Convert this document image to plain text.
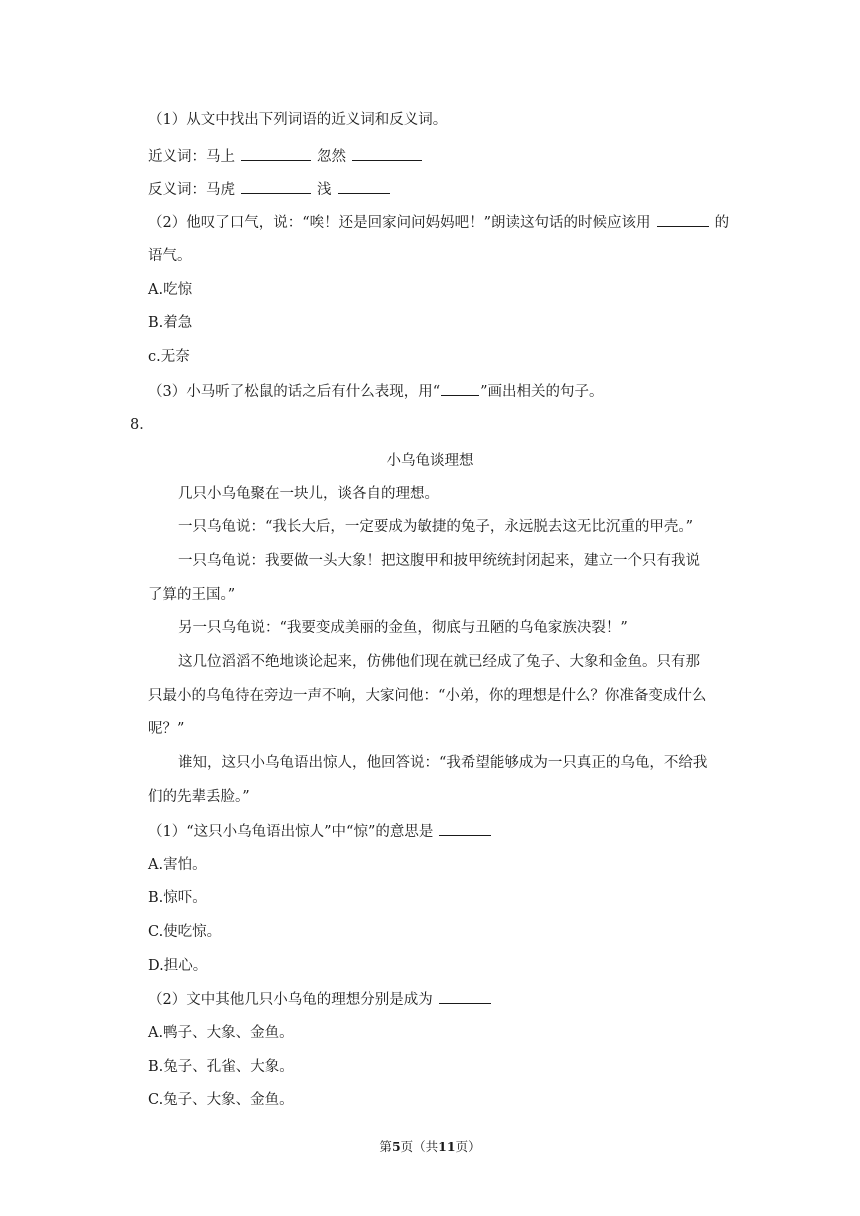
（1）从文中找出下列词语的近义词和反义词。
近义词：马上	忽然
反义词：马虎	浅
（2）他叹了口气，说：“唉！还是回家问问妈妈吧！”朗读这句话的时候应该用	的
语气。
A.吃惊
B.着急
c.无奈
（3）小马听了松鼠的话之后有什么表现，用“	”画出相关的句子。
8．
小乌龟谈理想
几只小乌龟聚在一块儿，谈各自的理想。
一只乌龟说：“我长大后，一定要成为敏捷的兔子，永远脱去这无比沉重的甲壳。”
一只乌龟说：我要做一头大象！把这腹甲和披甲统统封闭起来，建立一个只有我说
了算的王国。”
另一只乌龟说：“我要变成美丽的金鱼，彻底与丑陋的乌龟家族决裂！”
这几位滔滔不绝地谈论起来，仿佛他们现在就已经成了兔子、大象和金鱼。只有那
只最小的乌龟待在旁边一声不响，大家问他：“小弟，你的理想是什么？你准备变成什么
呢？”
谁知，这只小乌龟语出惊人，他回答说：“我希望能够成为一只真正的乌龟，不给我
们的先辈丢脸。”
（1）“这只小乌龟语出惊人”中“惊”的意思是
A.害怕。
B.惊吓。
C.使吃惊。
D.担心。
（2）文中其他几只小乌龟的理想分别是成为
A.鸭子、大象、金鱼。
B.兔子、孔雀、大象。
C.兔子、大象、金鱼。
第5页（共11页）
